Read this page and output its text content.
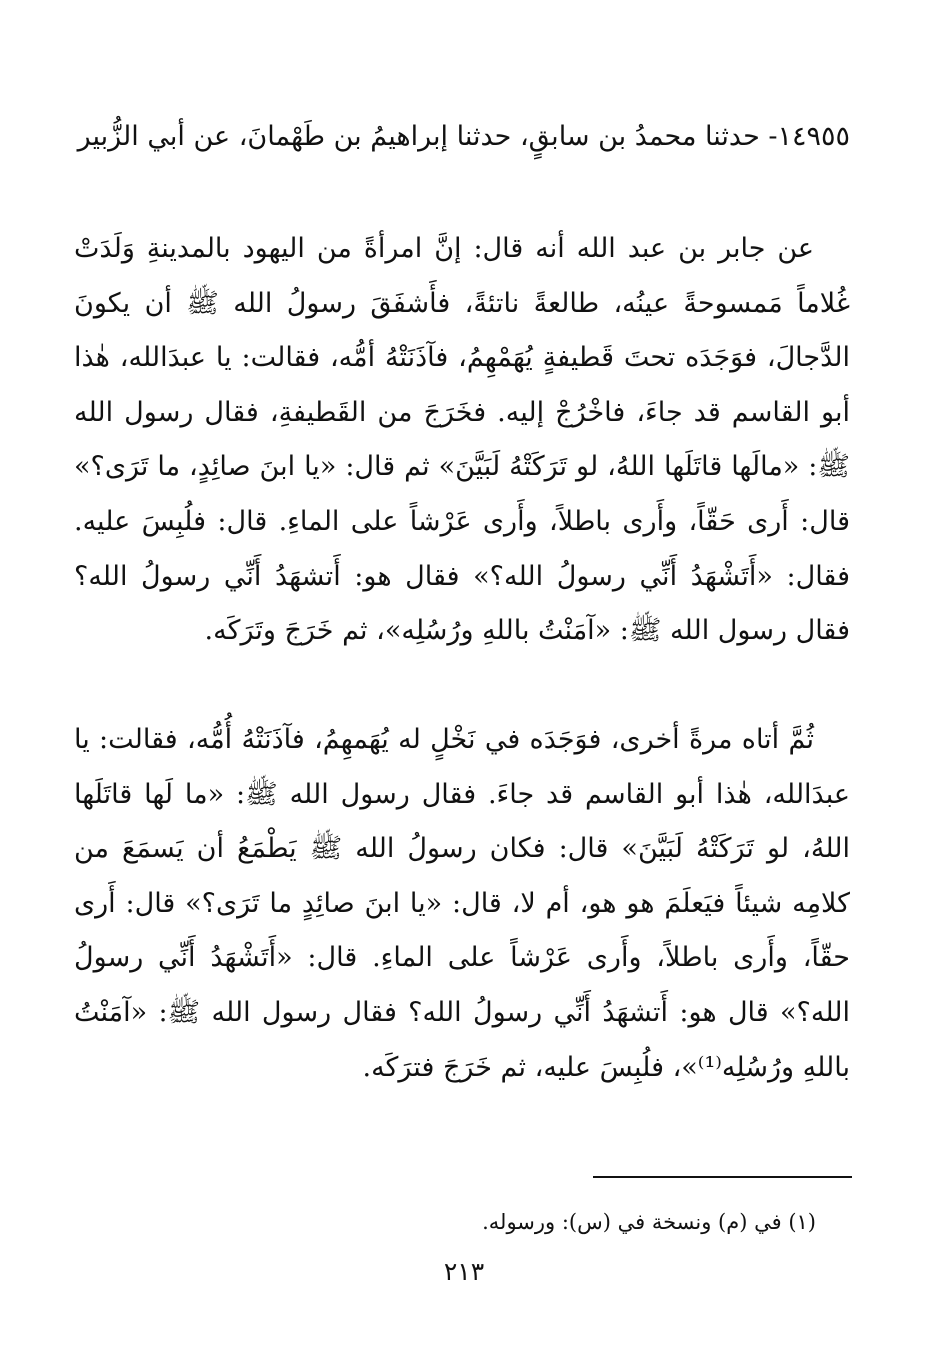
١٤٩٥٥- حدثنا محمدُ بن سابقٍ، حدثنا إبراهيمُ بن طَهْمانَ، عن أبي الزُّبير
عن جابر بن عبد الله أنه قال: إنَّ امرأةً من اليهود بالمدينةِ وَلَدَتْ غُلاماً مَمسوحةً عينُه، طالعةً ناتئةً، فأَشفَقَ رسولُ الله ﷺ أن يكونَ الدَّجالَ، فوَجَدَه تحتَ قَطيفةٍ يُهَمْهِمُ، فآذَنَتْهُ أمُّه، فقالت: يا عبدَالله، هٰذا أبو القاسم قد جاءَ، فاخْرُجْ إليه. فخَرَجَ من القَطيفةِ، فقال رسول الله ﷺ: «مالَها قاتَلَها اللهُ، لو تَرَكَتْهُ لَبَيَّنَ» ثم قال: «يا ابنَ صائِدٍ، ما تَرَى؟» قال: أَرى حَقّاً، وأَرى باطلاً، وأَرى عَرْشاً على الماءِ. قال: فلُبِسَ عليه. فقال: «أَتَشْهَدُ أَنِّي رسولُ الله؟» فقال هو: أَتشهَدُ أَنِّي رسولُ الله؟ فقال رسول الله ﷺ: «آمَنْتُ باللهِ ورُسُلِه»، ثم خَرَجَ وتَرَكَه.
ثُمَّ أتاه مرةً أخرى، فوَجَدَه في نَخْلٍ له يُهَمهِمُ، فآذَنَتْهُ أُمُّه، فقالت: يا عبدَالله، هٰذا أبو القاسم قد جاءَ. فقال رسول الله ﷺ: «ما لَها قاتَلَها اللهُ، لو تَرَكَتْهُ لَبَيَّنَ» قال: فكان رسولُ الله ﷺ يَطْمَعُ أن يَسمَعَ من كلامِه شيئاً فيَعلَمَ هو هو، أم لا، قال: «يا ابنَ صائِدٍ ما تَرَى؟» قال: أَرى حقّاً، وأَرى باطلاً، وأَرى عَرْشاً على الماءِ. قال: «أَتَشْهَدُ أَنِّي رسولُ الله؟» قال هو: أَتشهَدُ أَنِّي رسولُ الله؟ فقال رسول الله ﷺ: «آمَنْتُ باللهِ ورُسُلِه⁽¹⁾»، فلُبِسَ عليه، ثم خَرَجَ فترَكَه.
(١) في (م) ونسخة في (س): ورسوله.
٢١٣
